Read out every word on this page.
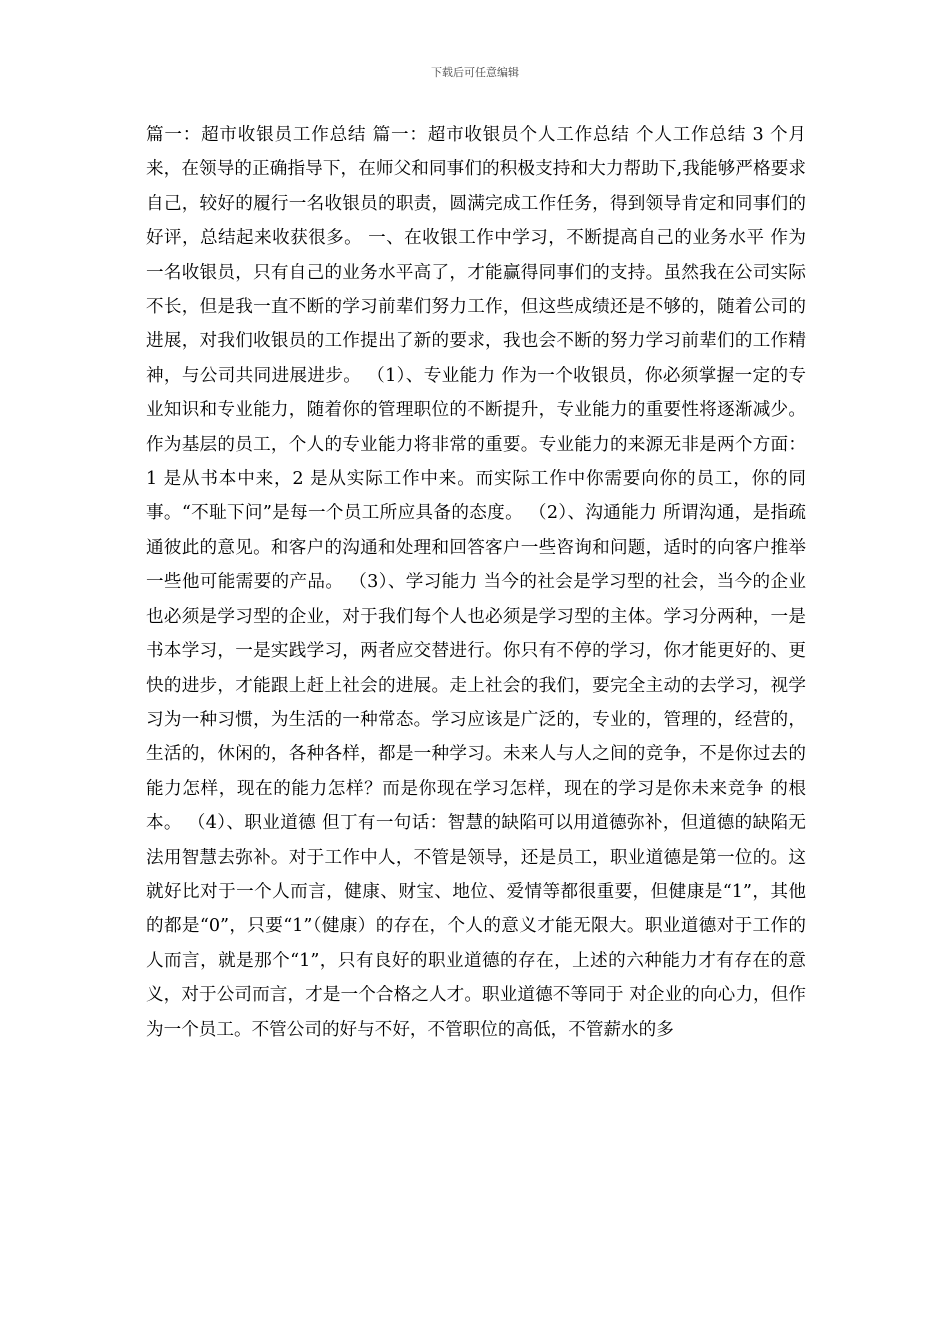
下载后可任意编辑

篇一：超市收银员工作总结 篇一：超市收银员个人工作总结 个人工作总结 3 个月来，在领导的正确指导下，在师父和同事们的积极支持和大力帮助下,我能够严格要求自己，较好的履行一名收银员的职责，圆满完成工作任务，得到领导肯定和同事们的好评，总结起来收获很多。 一、在收银工作中学习，不断提高自己的业务水平 作为一名收银员，只有自己的业务水平高了，才能赢得同事们的支持。虽然我在公司实际不长，但是我一直不断的学习前辈们努力工作，但这些成绩还是不够的，随着公司的进展，对我们收银员的工作提出了新的要求，我也会不断的努力学习前辈们的工作精神，与公司共同进展进步。 （1）、专业能力 作为一个收银员，你必须掌握一定的专业知识和专业能力，随着你的管理职位的不断提升，专业能力的重要性将逐渐减少。作为基层的员工，个人的专业能力将非常的重要。专业能力的来源无非是两个方面： 1 是从书本中来，2 是从实际工作中来。而实际工作中你需要向你的员工，你的同事。“不耻下问”是每一个员工所应具备的态度。 （2）、沟通能力 所谓沟通，是指疏通彼此的意见。和客户的沟通和处理和回答客户一些咨询和问题，适时的向客户推举一些他可能需要的产品。 （3）、学习能力 当今的社会是学习型的社会，当今的企业也必须是学习型的企业，对于我们每个人也必须是学习型的主体。学习分两种，一是书本学习，一是实践学习，两者应交替进行。你只有不停的学习，你才能更好的、更快的进步，才能跟上赶上社会的进展。走上社会的我们，要完全主动的去学习，视学习为一种习惯，为生活的一种常态。学习应该是广泛的，专业的，管理的，经营的，生活的，休闲的，各种各样，都是一种学习。未来人与人之间的竞争，不是你过去的能力怎样，现在的能力怎样？而是你现在学习怎样，现在的学习是你未来竞争 的根本。 （4）、职业道德 但丁有一句话：智慧的缺陷可以用道德弥补，但道德的缺陷无法用智慧去弥补。对于工作中人，不管是领导，还是员工，职业道德是第一位的。这就好比对于一个人而言，健康、财宝、地位、爱情等都很重要，但健康是“1”，其他的都是“0”，只要“1”（健康）的存在，个人的意义才能无限大。职业道德对于工作的人而言，就是那个“1”，只有良好的职业道德的存在，上述的六种能力才有存在的意义，对于公司而言，才是一个合格之人才。职业道德不等同于 对企业的向心力，但作为一个员工。不管公司的好与不好，不管职位的高低，不管薪水的多
